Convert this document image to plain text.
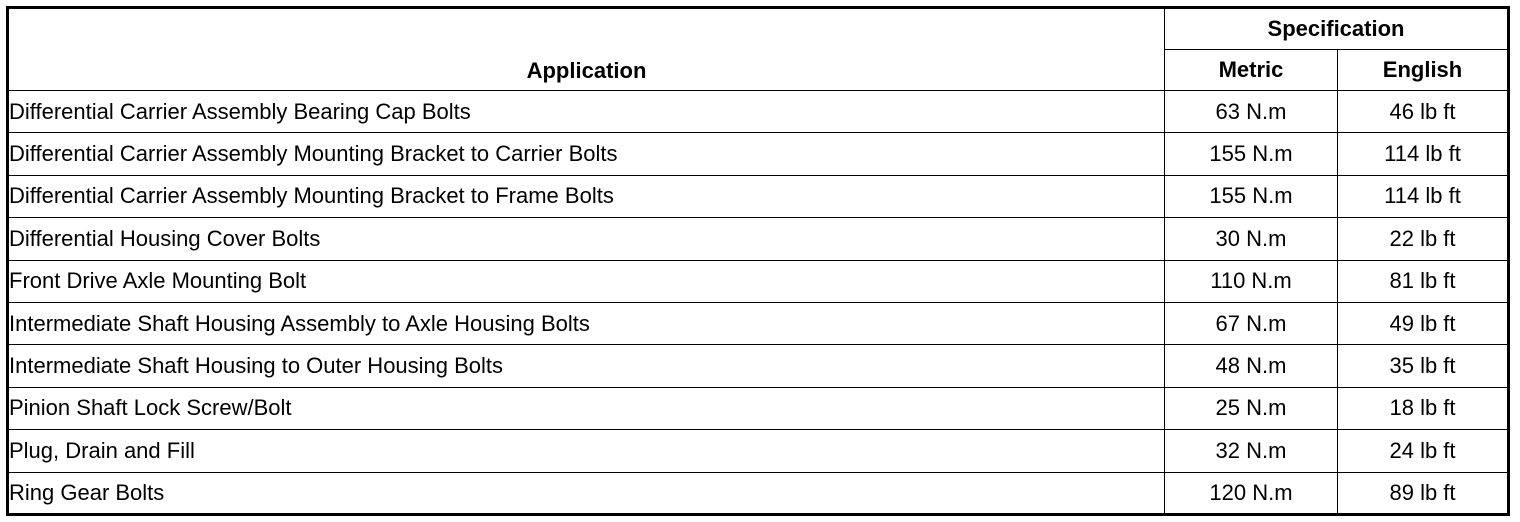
Application	Specification	
	Metric	English
Differential Carrier Assembly Bearing Cap Bolts	63 N.m	46 lb ft
Differential Carrier Assembly Mounting Bracket to Carrier Bolts	155 N.m	114 lb ft
Differential Carrier Assembly Mounting Bracket to Frame Bolts	155 N.m	114 lb ft
Differential Housing Cover Bolts	30 N.m	22 lb ft
Front Drive Axle Mounting Bolt	110 N.m	81 lb ft
Intermediate Shaft Housing Assembly to Axle Housing Bolts	67 N.m	49 lb ft
Intermediate Shaft Housing to Outer Housing Bolts	48 N.m	35 lb ft
Pinion Shaft Lock Screw/Bolt	25 N.m	18 lb ft
Plug, Drain and Fill	32 N.m	24 lb ft
Ring Gear Bolts	120 N.m	89 lb ft
